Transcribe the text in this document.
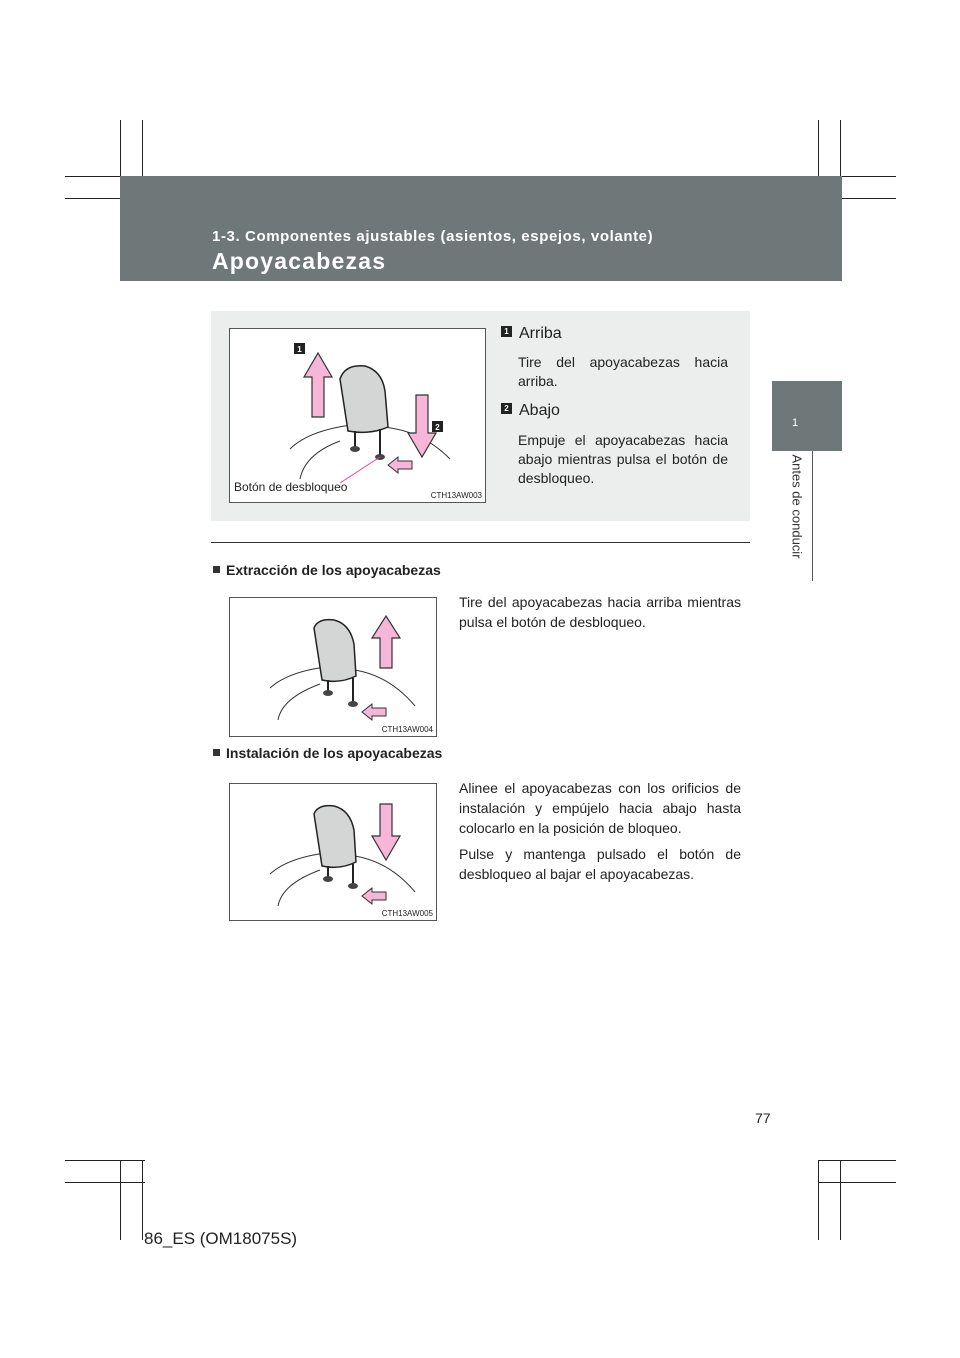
1-3. Componentes ajustables (asientos, espejos, volante)
Apoyacabezas
1
Antes de conducir
1
2
Botón de desbloqueo
CTH13AW003
1 Arriba
Tire del apoyacabezas hacia arriba.
2 Abajo
Empuje el apoyacabezas hacia abajo mientras pulsa el botón de desbloqueo.
Extracción de los apoyacabezas
CTH13AW004

Tire del apoyacabezas hacia arriba mientras pulsa el botón de desbloqueo.

Instalación de los apoyacabezas
CTH13AW005

Alinee el apoyacabezas con los orificios de instalación y empújelo hacia abajo hasta colocarlo en la posición de bloqueo.

Pulse y mantenga pulsado el botón de desbloqueo al bajar el apoyacabezas.

77
86_ES (OM18075S)
